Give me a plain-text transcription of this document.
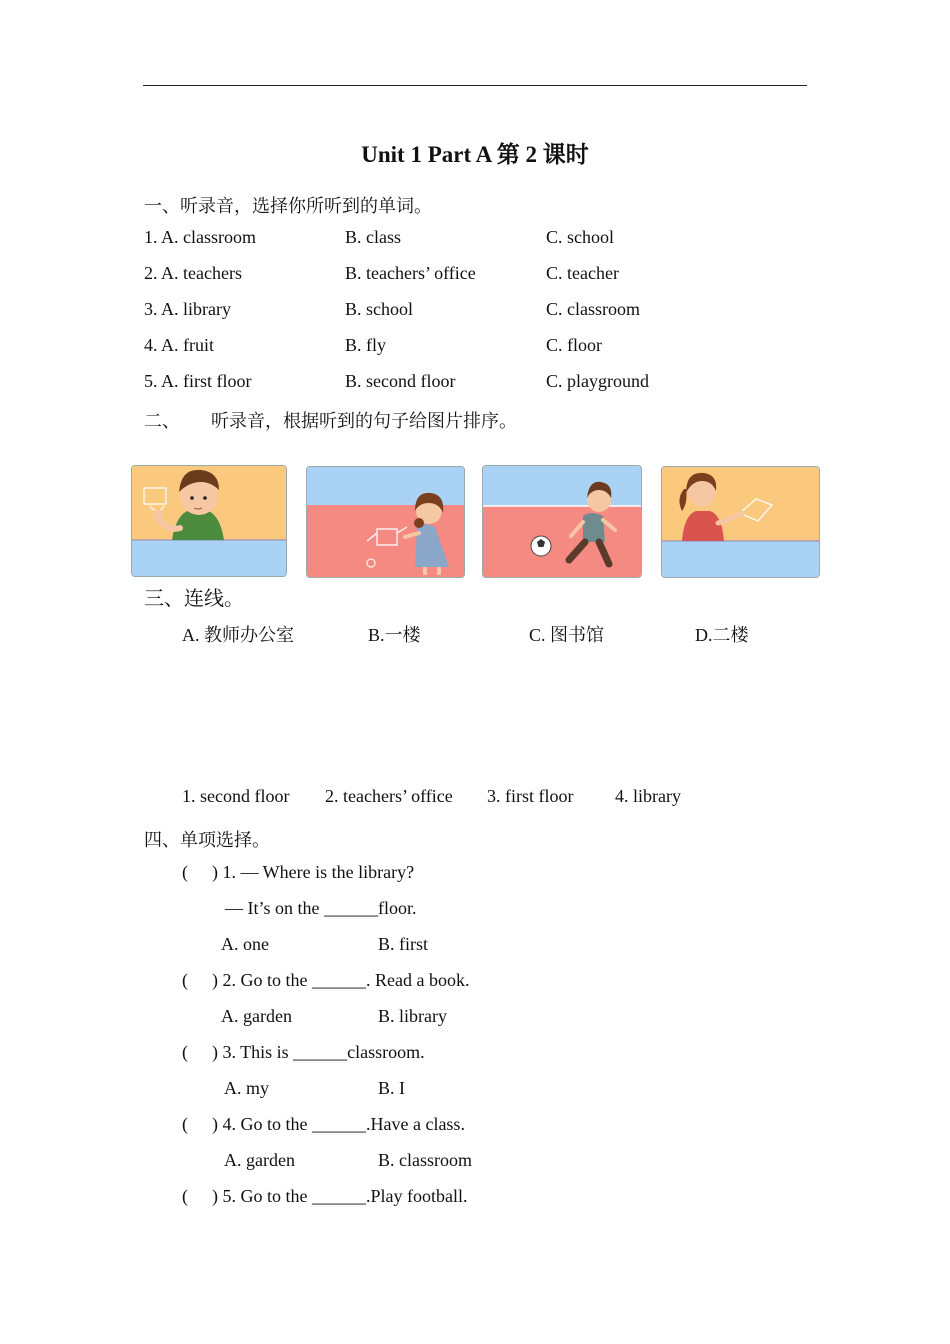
Unit 1 Part A 第 2 课时
一、听录音，选择你所听到的单词。
1. A. classroom	B. class	C. school
2. A. teachers	B. teachers’ office	C. teacher
3. A. library	B. school	C. classroom
4. A. fruit	B. fly	C. floor
5. A. first floor	B. second floor	C. playground
二、 听录音，根据听到的句子给图片排序。
三、连线。
A. 教师办公室	B.一楼	C. 图书馆	D.二楼
1. second floor 2. teachers’ office 3. first floor 4. library
四、单项选择。
( ) 1. — Where is the library?
— It’s on the ______floor.
A. one	B. first
( ) 2. Go to the ______. Read a book.
A. garden	B. library
( ) 3. This is ______classroom.
A. my	B. I
( ) 4. Go to the ______.Have a class.
A. garden	B. classroom
( ) 5. Go to the ______.Play football.
